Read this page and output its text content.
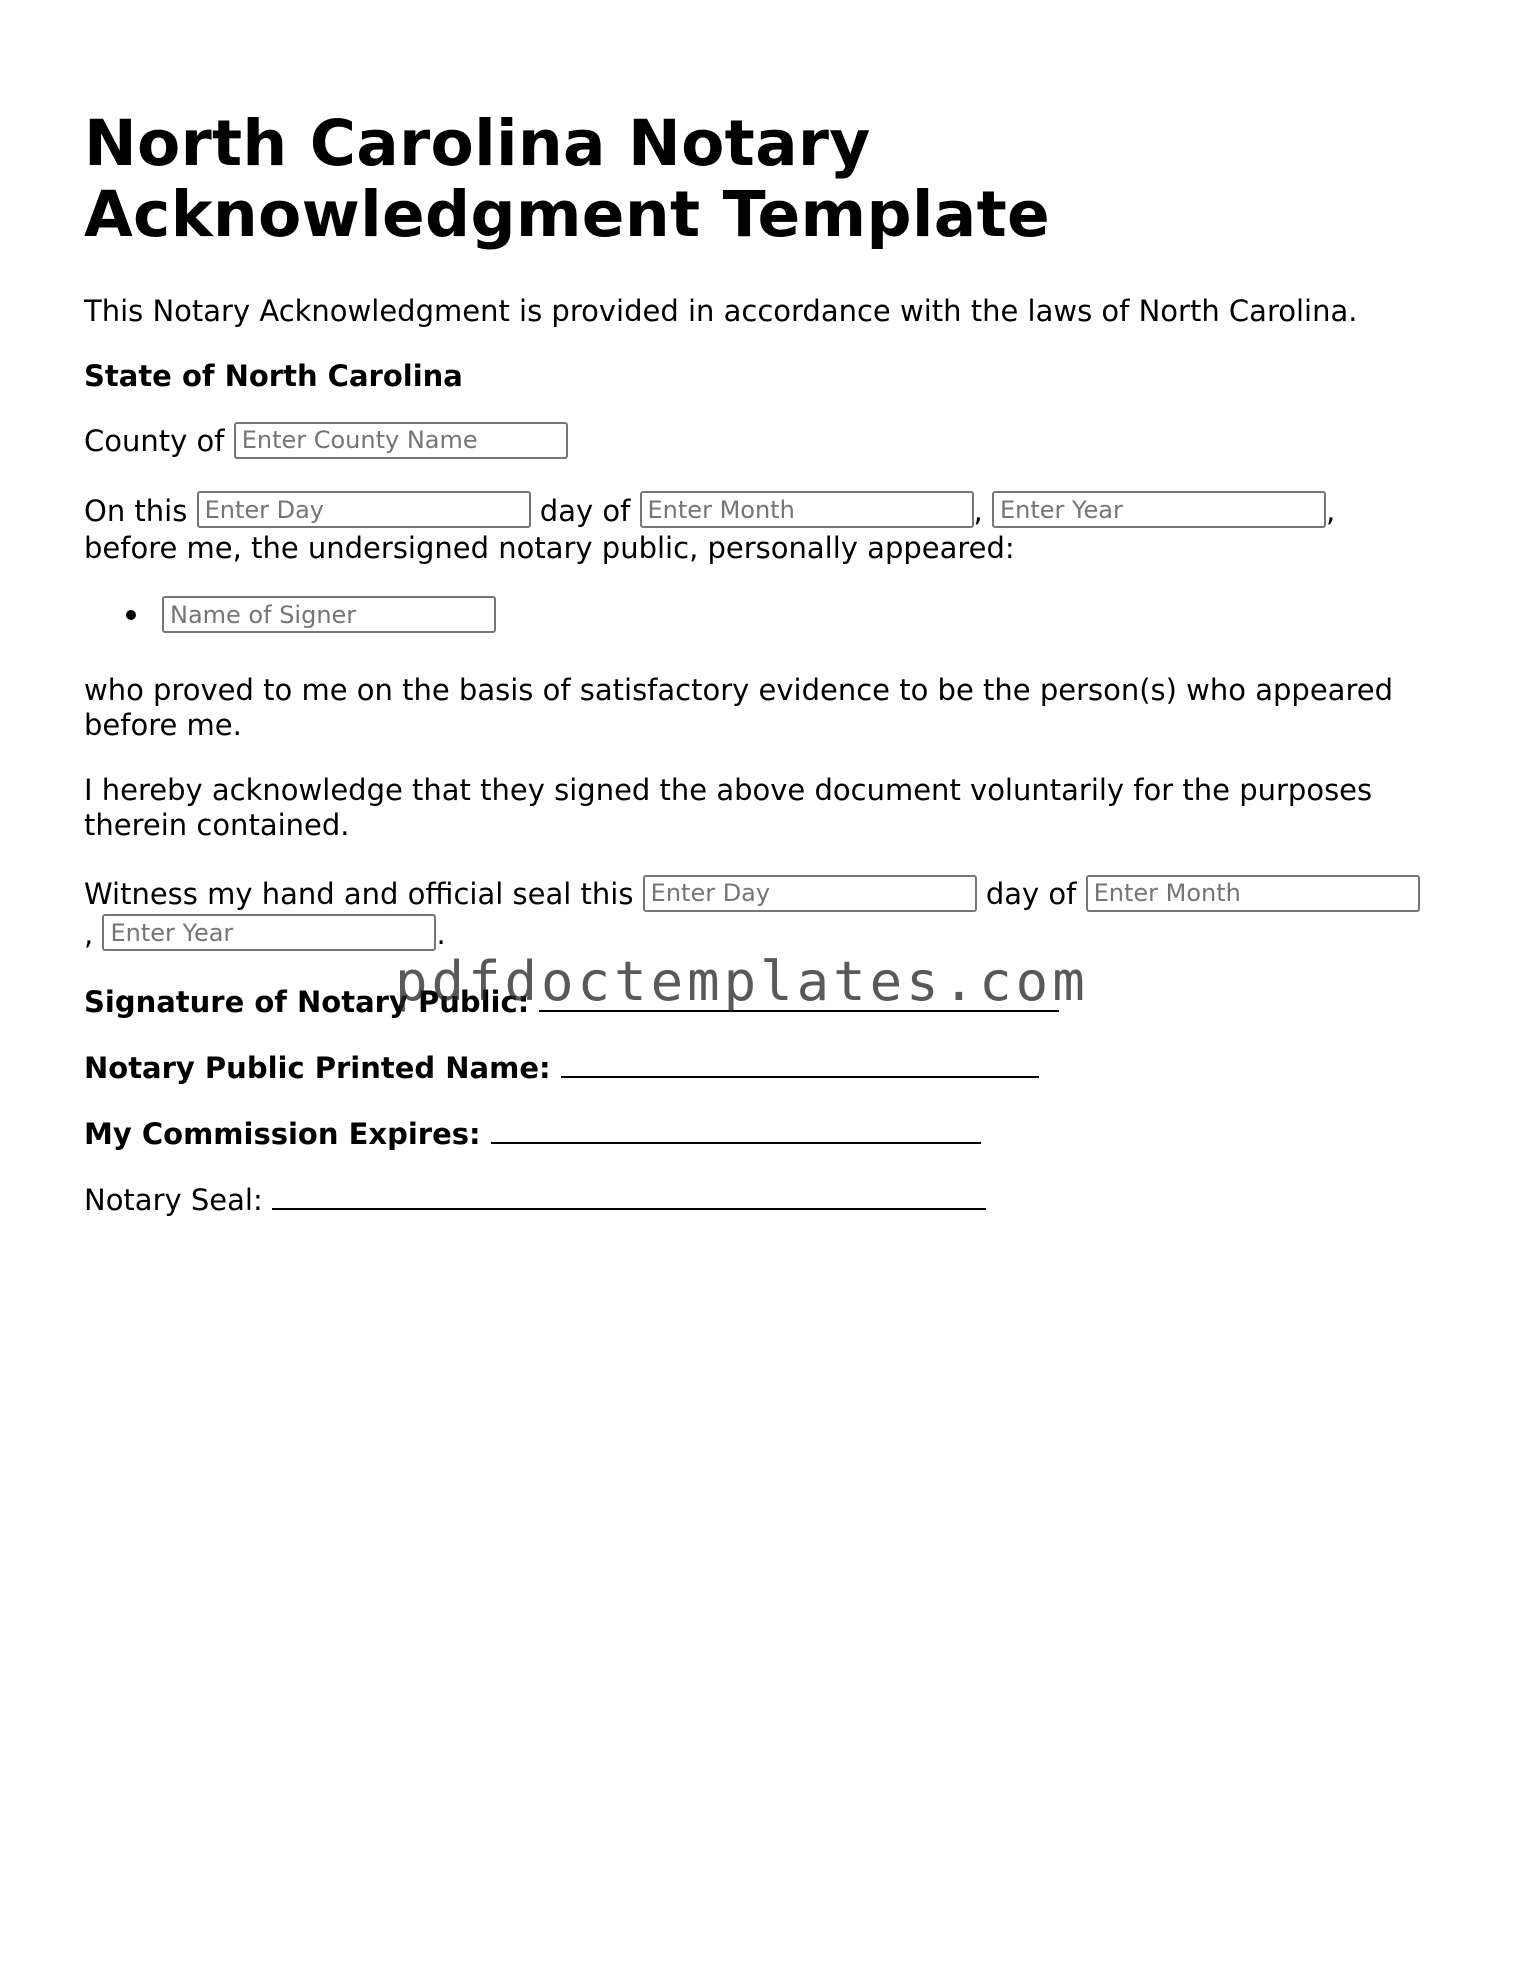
North Carolina Notary Acknowledgment Template

This Notary Acknowledgment is provided in accordance with the laws of North Carolina.

State of North Carolina

County of Enter County Name

On this Enter Day	day of Enter Month	, Enter Year	,
before me, the undersigned notary public, personally appeared:

Name of Signer

who proved to me on the basis of satisfactory evidence to be the person(s) who appeared before me.

I hereby acknowledge that they signed the above document voluntarily for the purposes therein contained.

Witness my hand and official seal this Enter Day	day of Enter Month
, Enter Year	.

Signature of Notary Public:

Notary Public Printed Name:

My Commission Expires:

Notary Seal:

pdfdoctemplates.com
